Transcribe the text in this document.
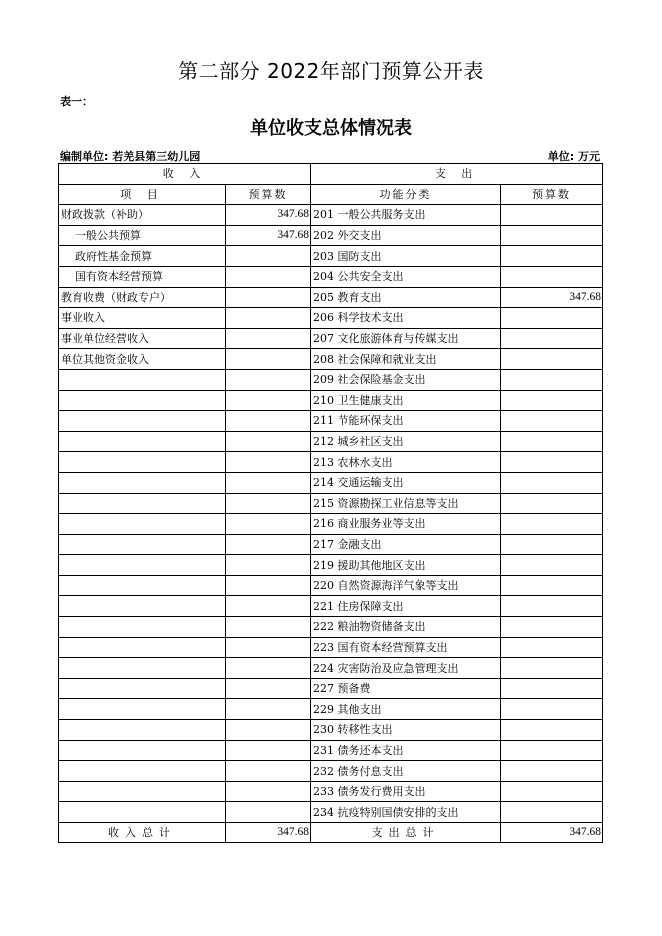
第二部分 2022年部门预算公开表
表一：
单位收支总体情况表
编制单位: 若羌县第三幼儿园	单位: 万元
收 入		支 出	
项 目	预算数	功能分类	预算数
财政拨款（补助）	347.68	201 一般公共服务支出	
一般公共预算	347.68	202 外交支出	
政府性基金预算		203 国防支出	
国有资本经营预算		204 公共安全支出	
教育收费（财政专户）		205 教育支出	347.68
事业收入		206 科学技术支出	
事业单位经营收入		207 文化旅游体育与传媒支出	
单位其他资金收入		208 社会保障和就业支出	
		209 社会保险基金支出	
		210 卫生健康支出	
		211 节能环保支出	
		212 城乡社区支出	
		213 农林水支出	
		214 交通运输支出	
		215 资源勘探工业信息等支出	
		216 商业服务业等支出	
		217 金融支出	
		219 援助其他地区支出	
		220 自然资源海洋气象等支出	
		221 住房保障支出	
		222 粮油物资储备支出	
		223 国有资本经营预算支出	
		224 灾害防治及应急管理支出	
		227 预备费	
		229 其他支出	
		230 转移性支出	
		231 债务还本支出	
		232 债务付息支出	
		233 债务发行费用支出	
		234 抗疫特别国债安排的支出	
收入总计	347.68	支出总计	347.68
